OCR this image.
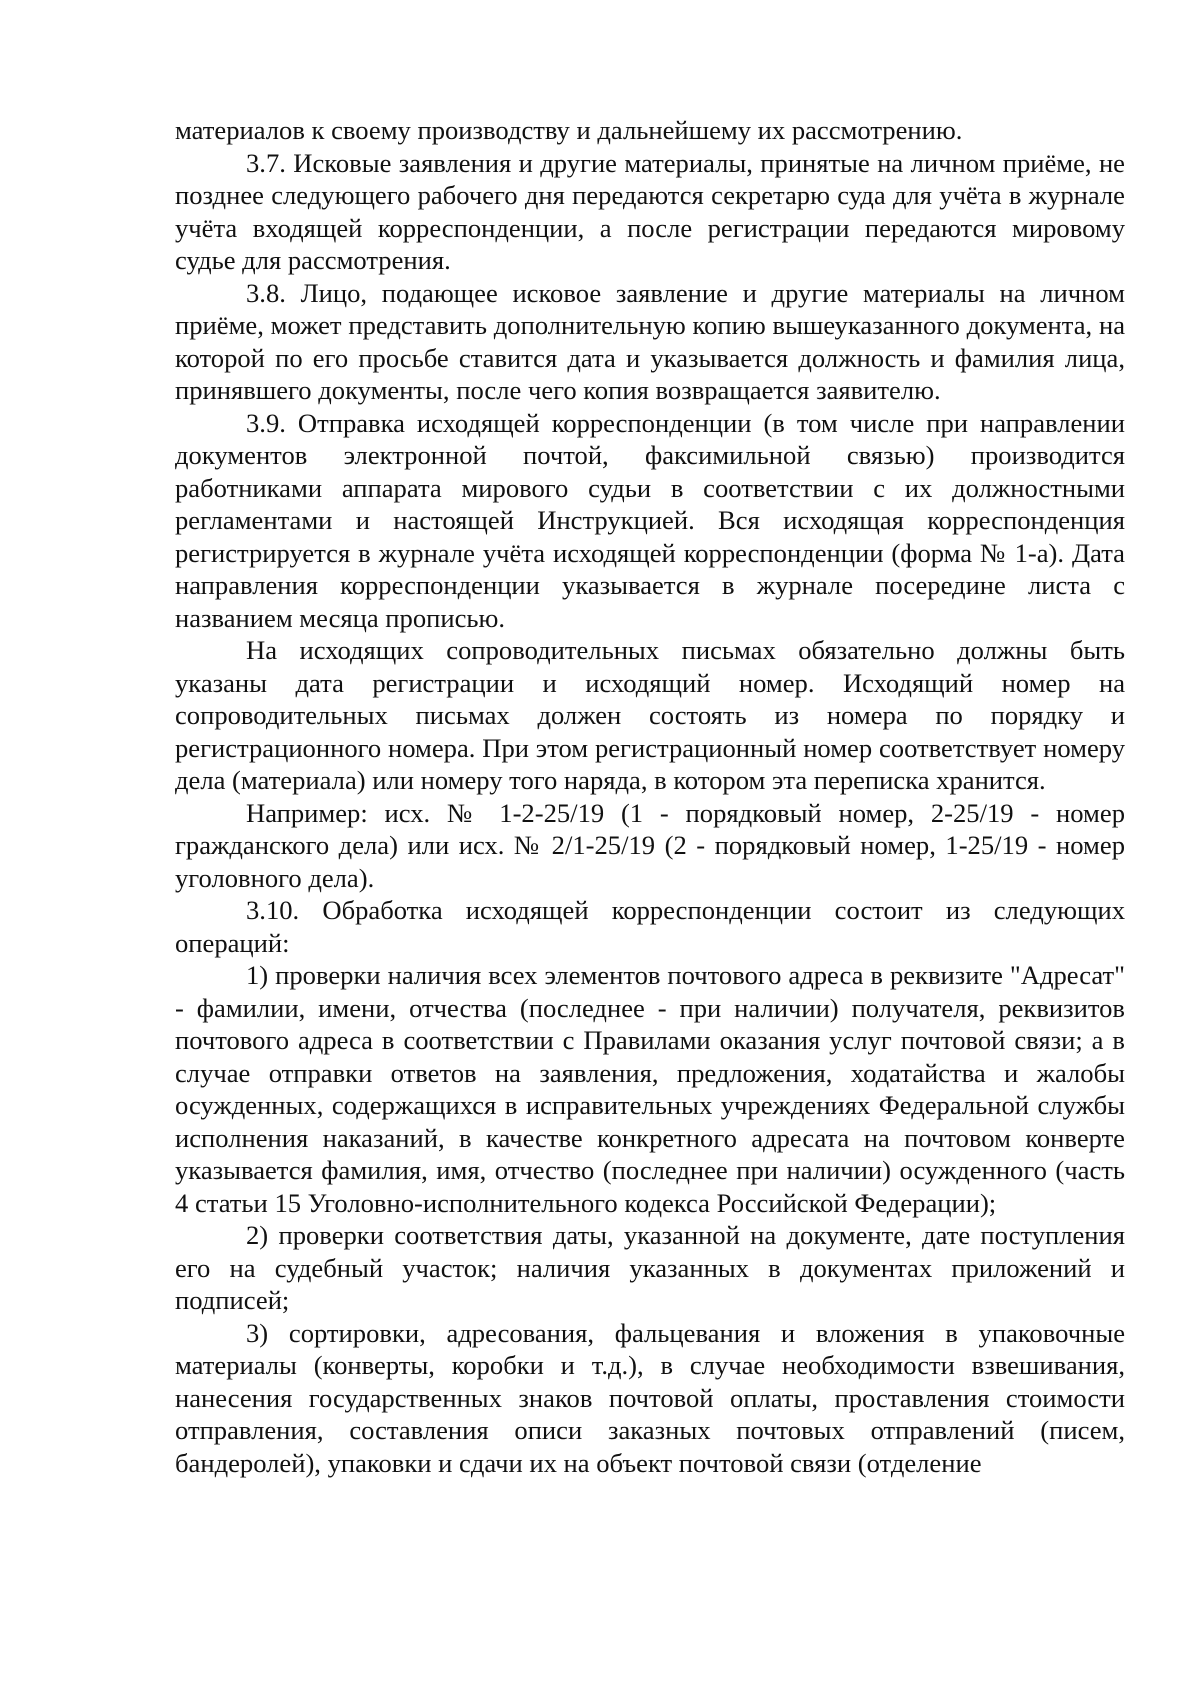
материалов к своему производству и дальнейшему их рассмотрению.

3.7. Исковые заявления и другие материалы, принятые на личном приёме, не позднее следующего рабочего дня передаются секретарю суда для учёта в журнале учёта входящей корреспонденции, а после регистрации передаются мировому судье для рассмотрения.

3.8. Лицо, подающее исковое заявление и другие материалы на личном приёме, может представить дополнительную копию вышеуказанного документа, на которой по его просьбе ставится дата и указывается должность и фамилия лица, принявшего документы, после чего копия возвращается заявителю.

3.9. Отправка исходящей корреспонденции (в том числе при направлении документов электронной почтой, факсимильной связью) производится работниками аппарата мирового судьи в соответствии с их должностными регламентами и настоящей Инструкцией. Вся исходящая корреспонденция регистрируется в журнале учёта исходящей корреспонденции (форма № 1-а). Дата направления корреспонденции указывается в журнале посередине листа с названием месяца прописью.

На исходящих сопроводительных письмах обязательно должны быть указаны дата регистрации и исходящий номер. Исходящий номер на сопроводительных письмах должен состоять из номера по порядку и регистрационного номера. При этом регистрационный номер соответствует номеру дела (материала) или номеру того наряда, в котором эта переписка хранится.

Например: исх. № 1-2-25/19 (1 - порядковый номер, 2-25/19 - номер гражданского дела) или исх. № 2/1-25/19 (2 - порядковый номер, 1-25/19 - номер уголовного дела).

3.10. Обработка исходящей корреспонденции состоит из следующих операций:

1) проверки наличия всех элементов почтового адреса в реквизите "Адресат" - фамилии, имени, отчества (последнее - при наличии) получателя, реквизитов почтового адреса в соответствии с Правилами оказания услуг почтовой связи; а в случае отправки ответов на заявления, предложения, ходатайства и жалобы осужденных, содержащихся в исправительных учреждениях Федеральной службы исполнения наказаний, в качестве конкретного адресата на почтовом конверте указывается фамилия, имя, отчество (последнее при наличии) осужденного (часть 4 статьи 15 Уголовно-исполнительного кодекса Российской Федерации);

2) проверки соответствия даты, указанной на документе, дате поступления его на судебный участок; наличия указанных в документах приложений и подписей;

3) сортировки, адресования, фальцевания и вложения в упаковочные материалы (конверты, коробки и т.д.), в случае необходимости взвешивания, нанесения государственных знаков почтовой оплаты, проставления стоимости отправления, составления описи заказных почтовых отправлений (писем, бандеролей), упаковки и сдачи их на объект почтовой связи (отделение
